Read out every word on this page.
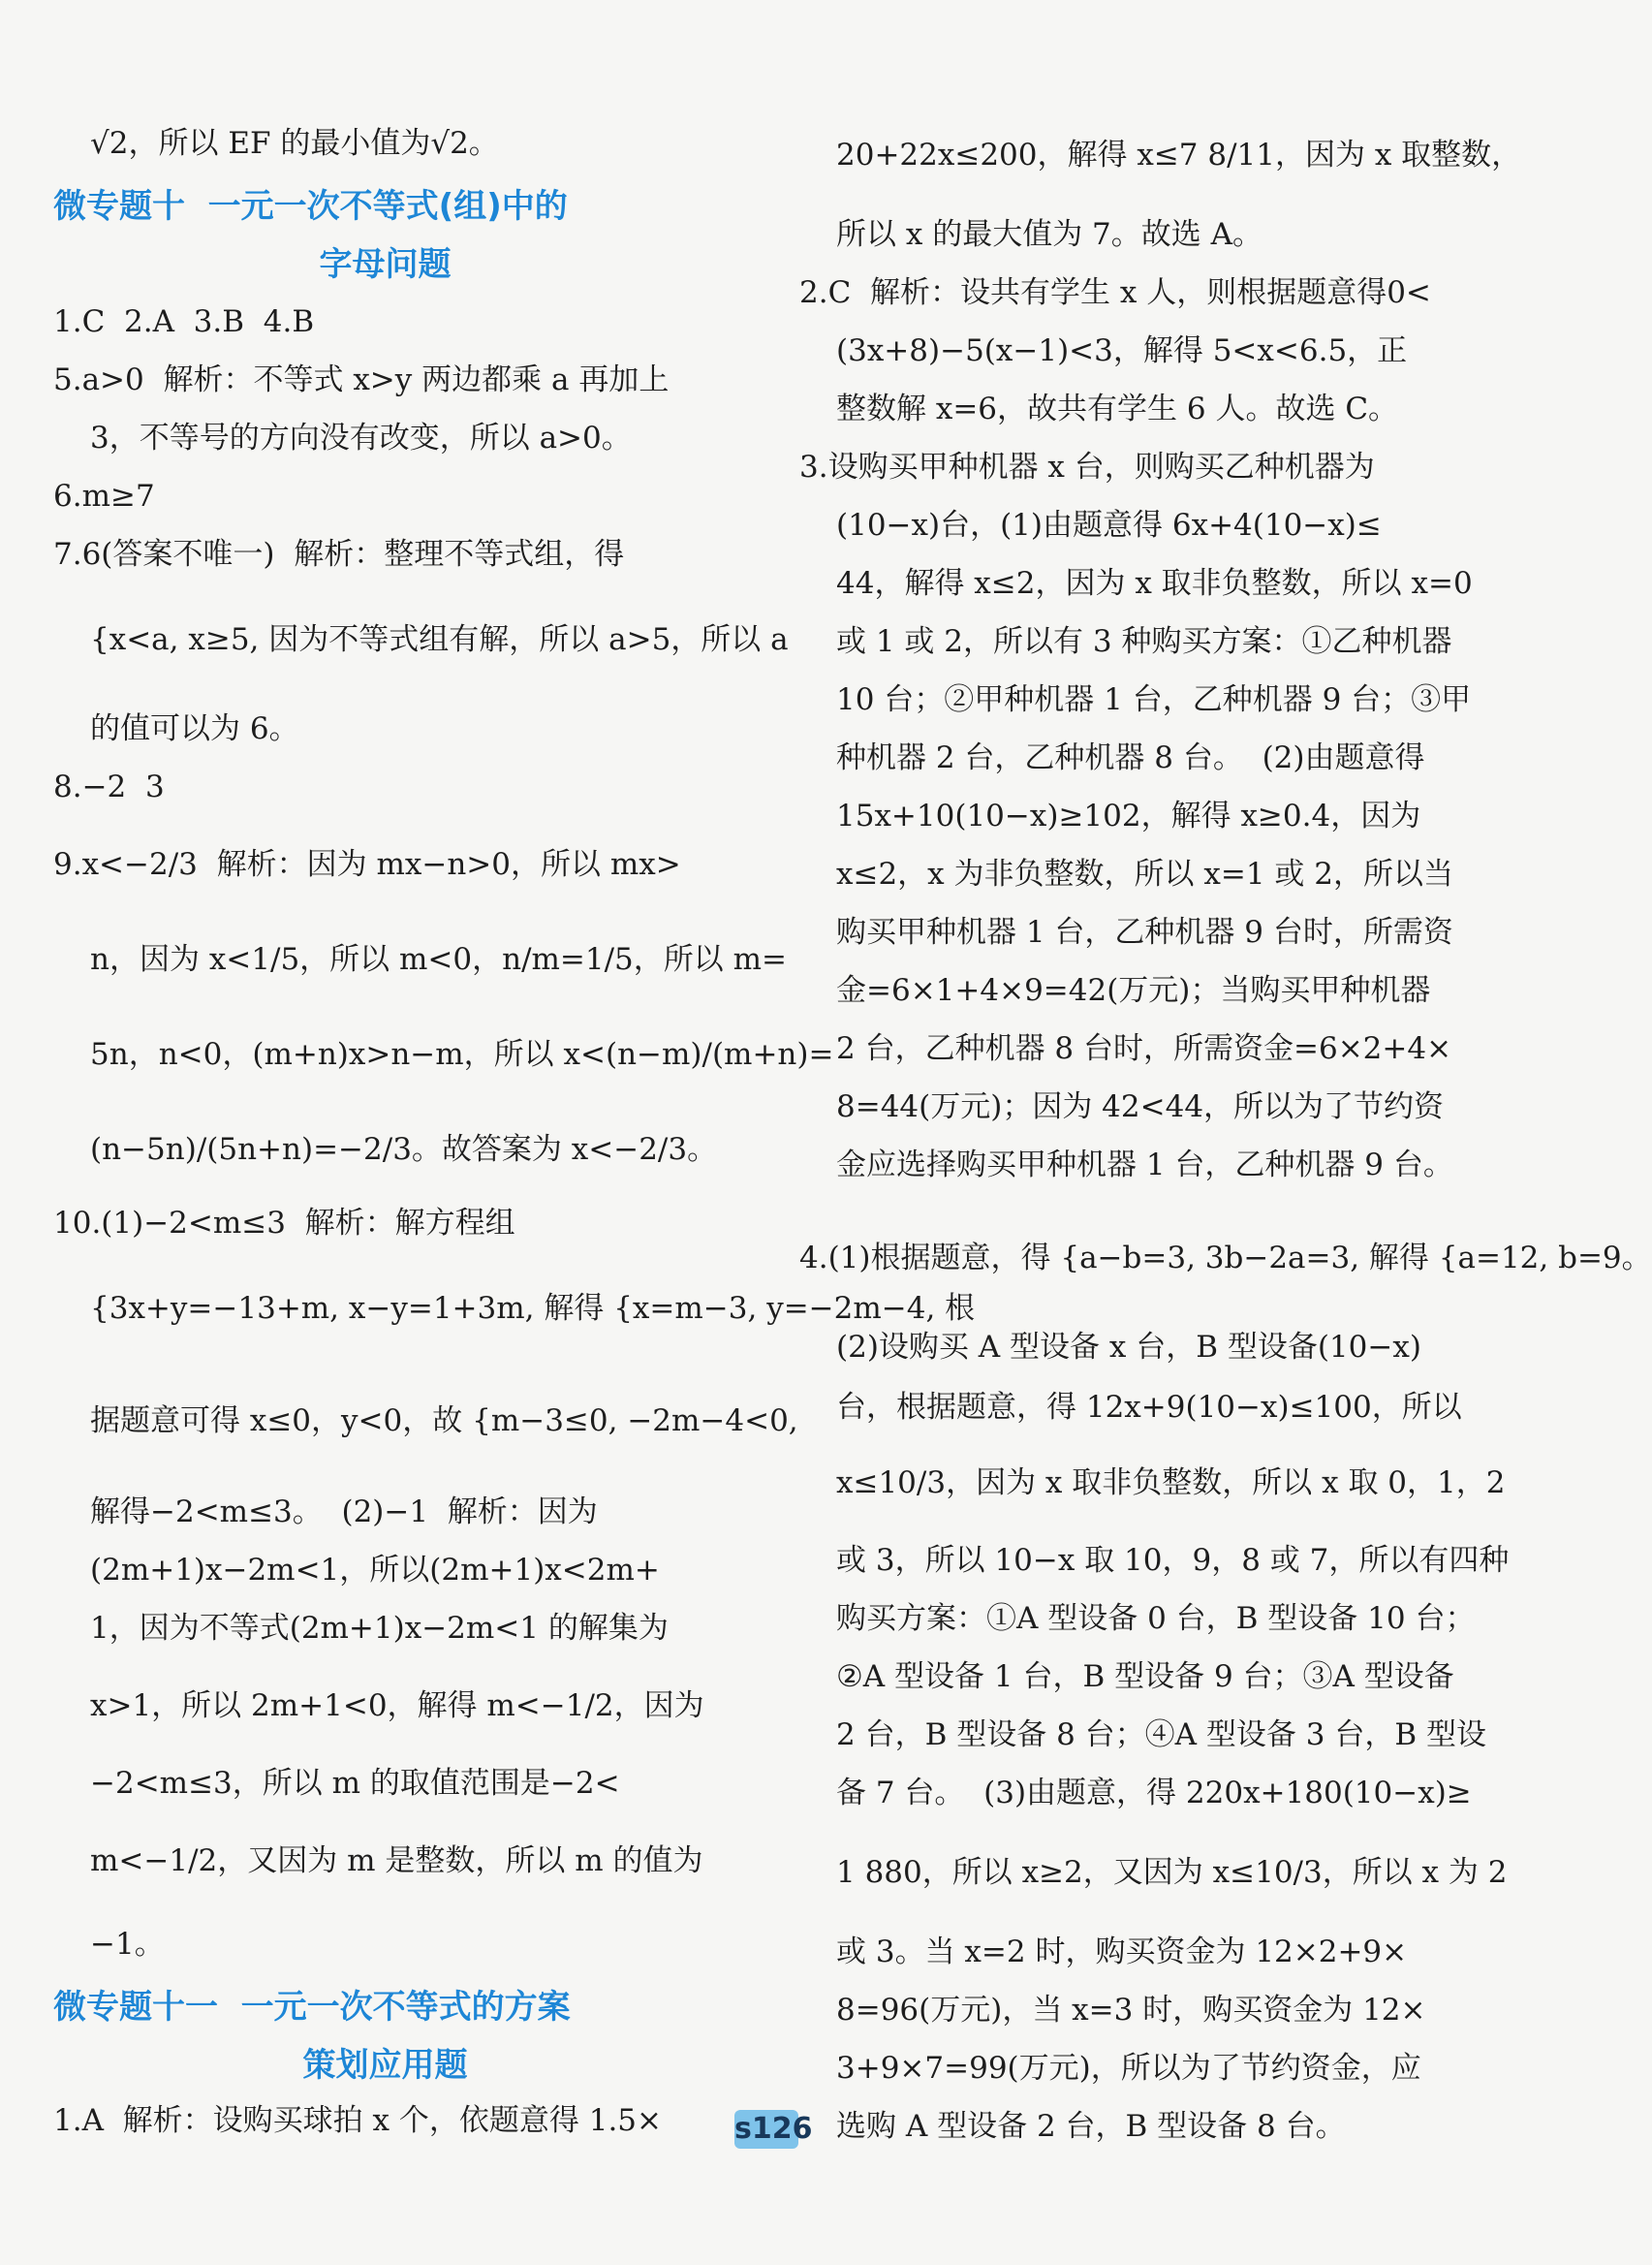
√2，所以 EF 的最小值为√2。
微专题十  一元一次不等式(组)中的
字母问题
1.C  2.A  3.B  4.B
5.a>0  解析：不等式 x>y 两边都乘 a 再加上
3，不等号的方向没有改变，所以 a>0。
6.m≥7
7.6(答案不唯一)  解析：整理不等式组，得
{x<a, x≥5, 因为不等式组有解，所以 a>5，所以 a
的值可以为 6。
8.−2  3
9.x<−2/3  解析：因为 mx−n>0，所以 mx>
n，因为 x<1/5，所以 m<0，n/m=1/5，所以 m=
5n，n<0，(m+n)x>n−m，所以 x<(n−m)/(m+n)=
(n−5n)/(5n+n)=−2/3。故答案为 x<−2/3。
10.(1)−2<m≤3  解析：解方程组
{3x+y=−13+m, x−y=1+3m, 解得 {x=m−3, y=−2m−4, 根
据题意可得 x≤0，y<0，故 {m−3≤0, −2m−4<0,
解得−2<m≤3。  (2)−1  解析：因为
(2m+1)x−2m<1，所以(2m+1)x<2m+
1，因为不等式(2m+1)x−2m<1 的解集为
x>1，所以 2m+1<0，解得 m<−1/2，因为
−2<m≤3，所以 m 的取值范围是−2<
m<−1/2，又因为 m 是整数，所以 m 的值为
−1。
微专题十一  一元一次不等式的方案
策划应用题
1.A  解析：设购买球拍 x 个，依题意得 1.5×
20+22x≤200，解得 x≤7 8/11，因为 x 取整数，
所以 x 的最大值为 7。故选 A。
2.C  解析：设共有学生 x 人，则根据题意得0<
(3x+8)−5(x−1)<3，解得 5<x<6.5，正
整数解 x=6，故共有学生 6 人。故选 C。
3.设购买甲种机器 x 台，则购买乙种机器为
(10−x)台，(1)由题意得 6x+4(10−x)≤
44，解得 x≤2，因为 x 取非负整数，所以 x=0
或 1 或 2，所以有 3 种购买方案：①乙种机器
10 台；②甲种机器 1 台，乙种机器 9 台；③甲
种机器 2 台，乙种机器 8 台。  (2)由题意得
15x+10(10−x)≥102，解得 x≥0.4，因为
x≤2，x 为非负整数，所以 x=1 或 2，所以当
购买甲种机器 1 台，乙种机器 9 台时，所需资
金=6×1+4×9=42(万元)；当购买甲种机器
2 台，乙种机器 8 台时，所需资金=6×2+4×
8=44(万元)；因为 42<44，所以为了节约资
金应选择购买甲种机器 1 台，乙种机器 9 台。
4.(1)根据题意，得 {a−b=3, 3b−2a=3, 解得 {a=12, b=9。
(2)设购买 A 型设备 x 台，B 型设备(10−x)
台，根据题意，得 12x+9(10−x)≤100，所以
x≤10/3，因为 x 取非负整数，所以 x 取 0，1，2
或 3，所以 10−x 取 10，9，8 或 7，所以有四种
购买方案：①A 型设备 0 台，B 型设备 10 台；
②A 型设备 1 台，B 型设备 9 台；③A 型设备
2 台，B 型设备 8 台；④A 型设备 3 台，B 型设
备 7 台。  (3)由题意，得 220x+180(10−x)≥
1 880，所以 x≥2，又因为 x≤10/3，所以 x 为 2
或 3。当 x=2 时，购买资金为 12×2+9×
8=96(万元)，当 x=3 时，购买资金为 12×
3+9×7=99(万元)，所以为了节约资金，应
选购 A 型设备 2 台，B 型设备 8 台。
s126
